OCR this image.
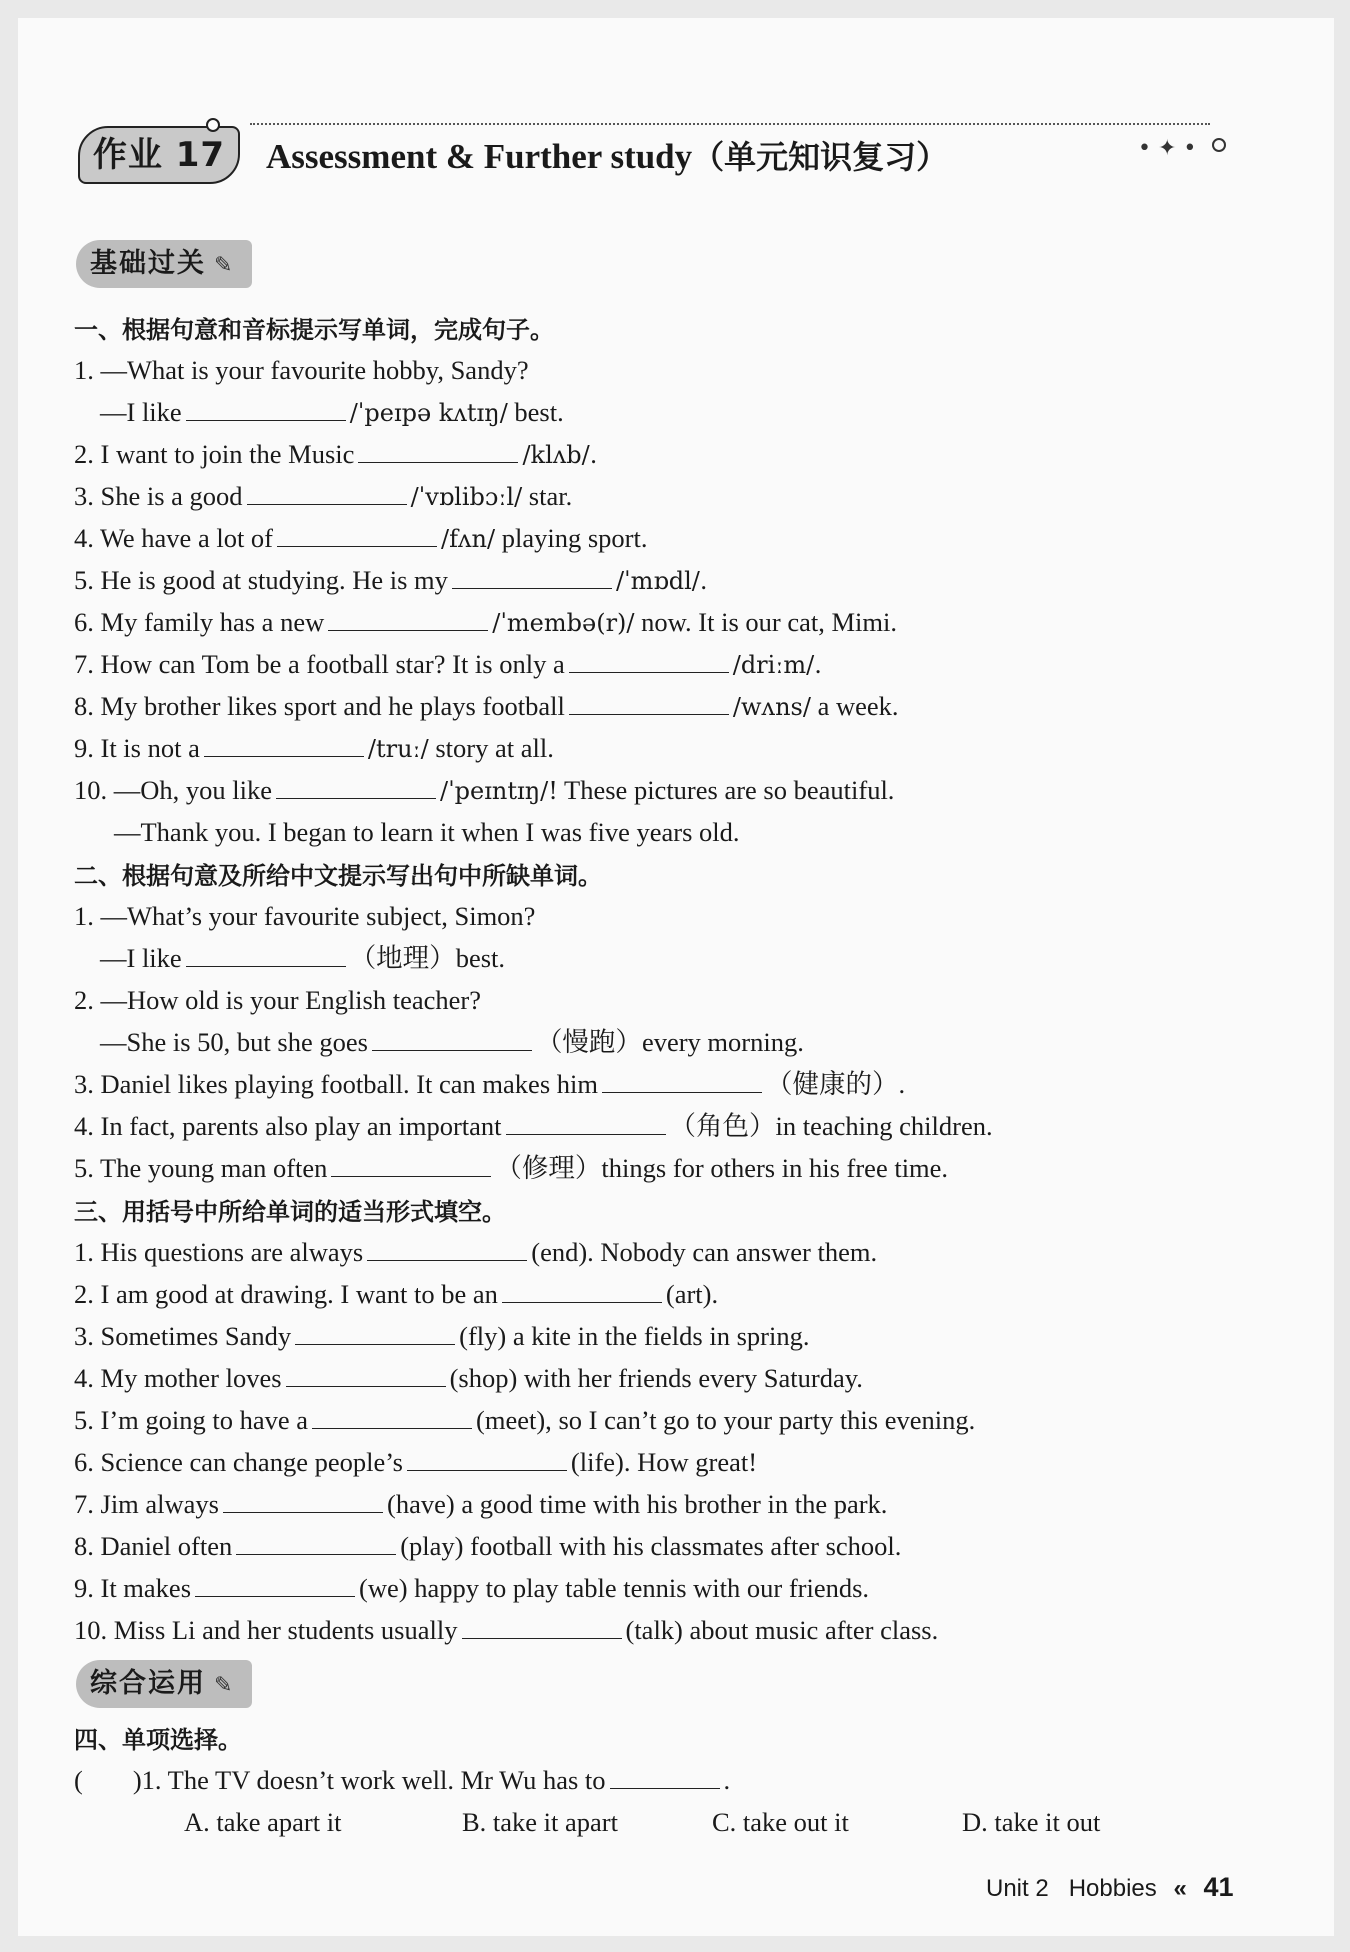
作业 17	• ✦ •
Assessment & Further study（单元知识复习）
基础过关 ✎
一、根据句意和音标提示写单词，完成句子。
1. —What is your favourite hobby, Sandy?
—I like	/ˈpeɪpə kʌtɪŋ/ best.
2. I want to join the Music	/klʌb/.
3. She is a good	/ˈvɒlibɔːl/ star.
4. We have a lot of	/fʌn/ playing sport.
5. He is good at studying. He is my	/ˈmɒdl/.
6. My family has a new	/ˈmembə(r)/ now. It is our cat, Mimi.
7. How can Tom be a football star? It is only a	/driːm/.
8. My brother likes sport and he plays football	/wʌns/ a week.
9. It is not a	/truː/ story at all.
10. —Oh, you like	/ˈpeɪntɪŋ/! These pictures are so beautiful.
—Thank you. I began to learn it when I was five years old.
二、根据句意及所给中文提示写出句中所缺单词。
1. —What’s your favourite subject, Simon?
—I like	（地理）best.
2. —How old is your English teacher?
—She is 50, but she goes	（慢跑）every morning.
3. Daniel likes playing football. It can makes him	（健康的）.
4. In fact, parents also play an important	（角色）in teaching children.
5. The young man often	（修理）things for others in his free time.
三、用括号中所给单词的适当形式填空。
1. His questions are always	(end). Nobody can answer them.
2. I am good at drawing. I want to be an	(art).
3. Sometimes Sandy	(fly) a kite in the fields in spring.
4. My mother loves	(shop) with her friends every Saturday.
5. I’m going to have a	(meet), so I can’t go to your party this evening.
6. Science can change people’s	(life). How great!
7. Jim always	(have) a good time with his brother in the park.
8. Daniel often	(play) football with his classmates after school.
9. It makes	(we) happy to play table tennis with our friends.
10. Miss Li and her students usually	(talk) about music after class.
综合运用 ✎
四、单项选择。
( )1. The TV doesn’t work well. Mr Wu has to	.
A. take apart it	B. take it apart	C. take out it	D. take it out
Unit 2 Hobbies « 41
